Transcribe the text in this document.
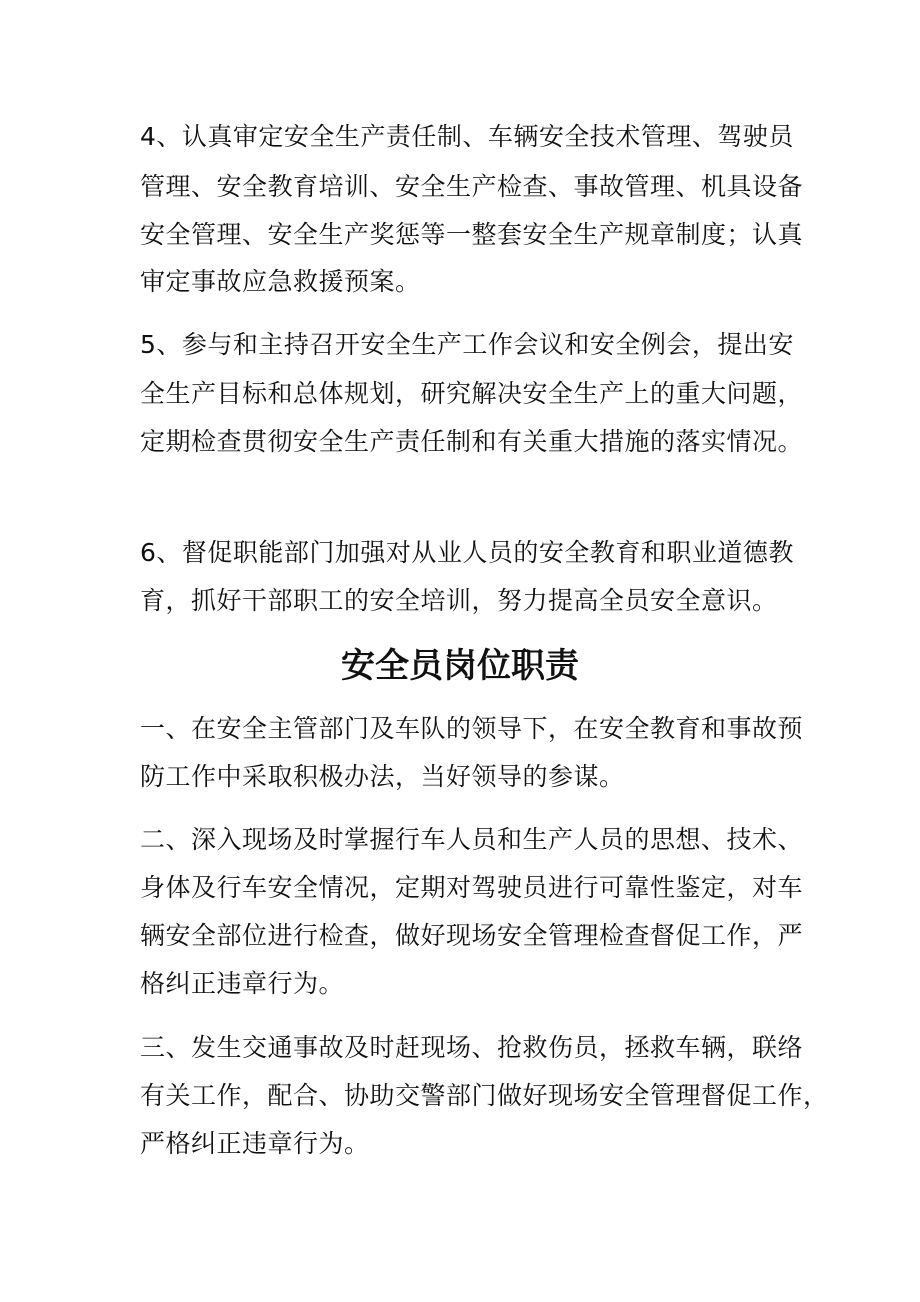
4、认真审定安全生产责任制、车辆安全技术管理、驾驶员
管理、安全教育培训、安全生产检查、事故管理、机具设备
安全管理、安全生产奖惩等一整套安全生产规章制度；认真
审定事故应急救援预案。
5、参与和主持召开安全生产工作会议和安全例会，提出安
全生产目标和总体规划，研究解决安全生产上的重大问题，
定期检查贯彻安全生产责任制和有关重大措施的落实情况。
6、督促职能部门加强对从业人员的安全教育和职业道德教
育，抓好干部职工的安全培训，努力提高全员安全意识。
安全员岗位职责
一、在安全主管部门及车队的领导下，在安全教育和事故预
防工作中采取积极办法，当好领导的参谋。
二、深入现场及时掌握行车人员和生产人员的思想、技术、
身体及行车安全情况，定期对驾驶员进行可靠性鉴定，对车
辆安全部位进行检查，做好现场安全管理检查督促工作，严
格纠正违章行为。
三、发生交通事故及时赶现场、抢救伤员，拯救车辆，联络
有关工作，配合、协助交警部门做好现场安全管理督促工作，
严格纠正违章行为。
